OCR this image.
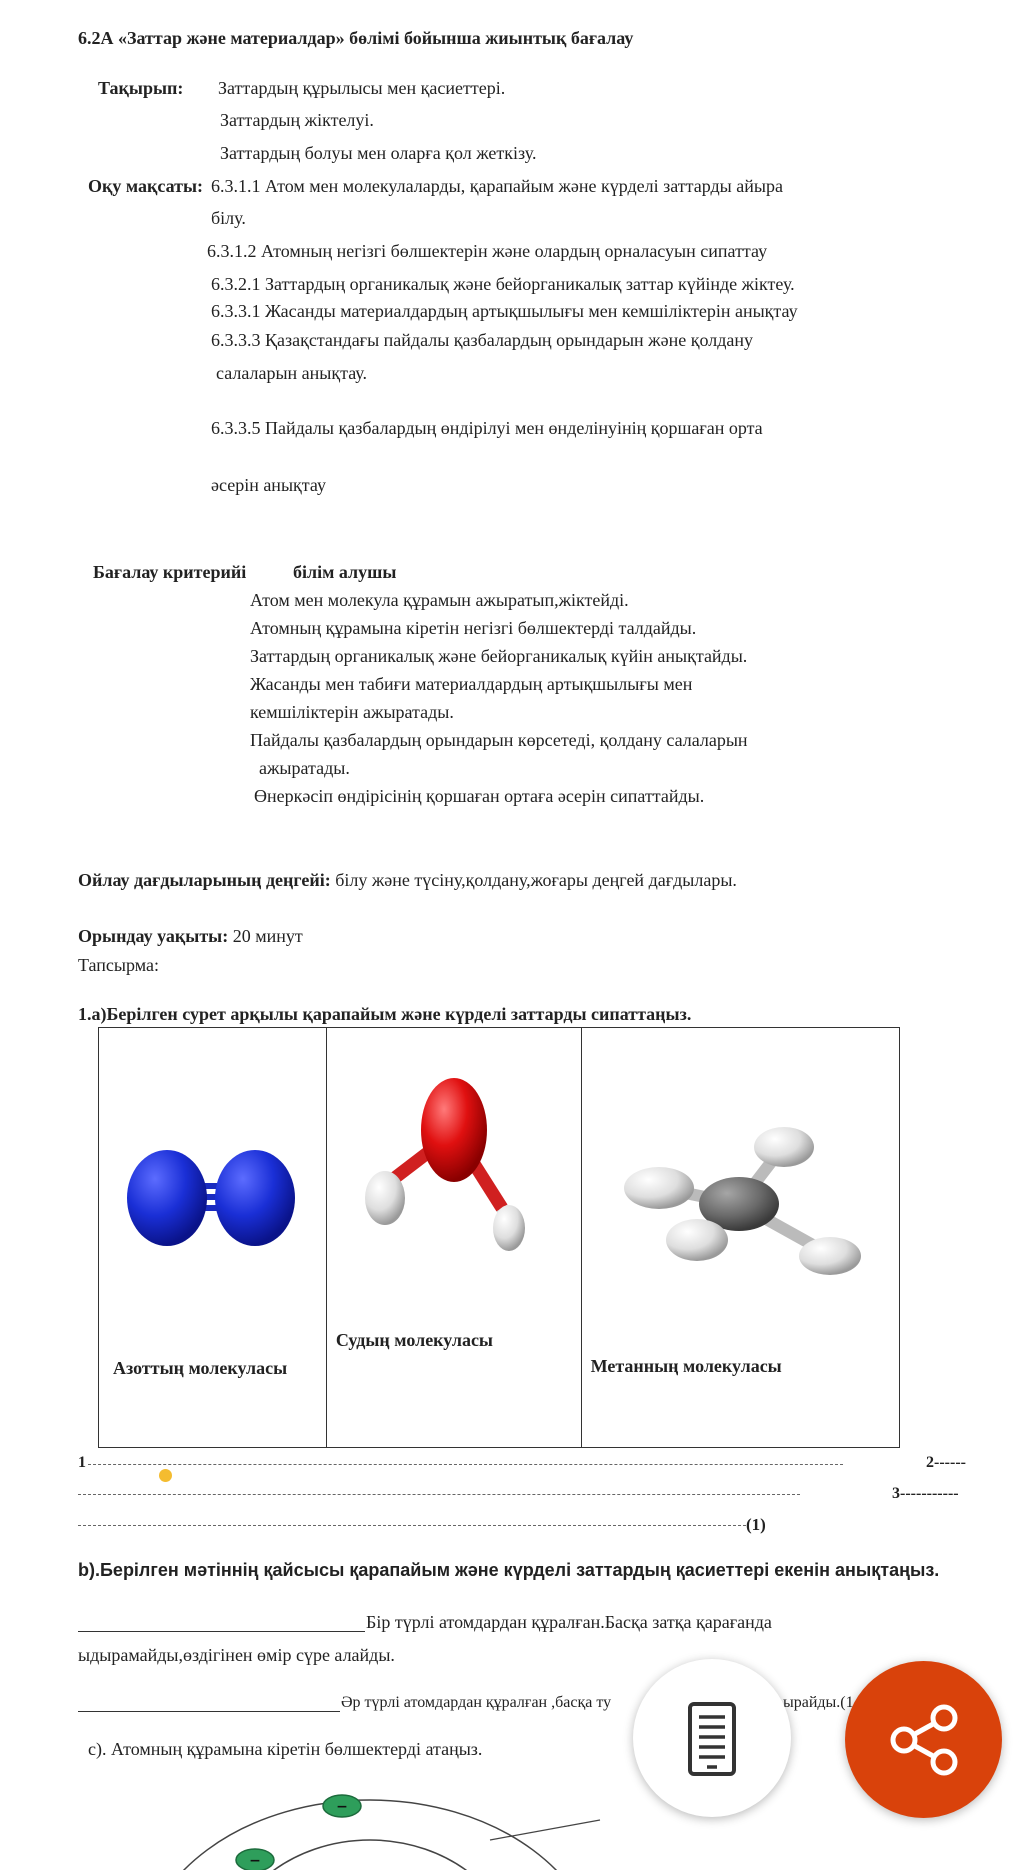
6.2А «Заттар және материалдар» бөлімі бойынша жиынтық бағалау
Тақырып: Заттардың құрылысы мен қасиеттері.
Заттардың жіктелуі.
Заттардың болуы мен оларға қол жеткізу.
Оқу мақсаты: 6.3.1.1 Атом мен молекулаларды, қарапайым және күрделі заттарды айыра
білу.
6.3.1.2 Атомның негізгі бөлшектерін және олардың орналасуын сипаттау
6.3.2.1 Заттардың органикалық және бейорганикалық заттар күйінде жіктеу.
6.3.3.1 Жасанды материалдардың артықшылығы мен кемшіліктерін анықтау
6.3.3.3 Қазақстандағы пайдалы қазбалардың орындарын және қолдану
салаларын анықтау.
6.3.3.5 Пайдалы қазбалардың өндірілуі мен өнделінуінің қоршаған орта
әсерін анықтау
Бағалау критерийі	білім алушы
Атом мен молекула құрамын ажыратып,жіктейді.
Атомның құрамына кіретін негізгі бөлшектерді талдайды.
Заттардың органикалық және бейорганикалық күйін анықтайды.
Жасанды мен табиғи материалдардың артықшылығы мен
кемшіліктерін ажыратады.
Пайдалы қазбалардың орындарын көрсетеді, қолдану салаларын
ажыратады.
Өнеркәсіп өндірісінің қоршаған ортаға әсерін сипаттайды.
Ойлау дағдыларының деңгейі: білу және түсіну,қолдану,жоғары деңгей дағдылары.
Орындау уақыты: 20 минут
Тапсырма:
1.а)Берілген сурет арқылы қарапайым және күрделі заттарды сипаттаңыз.
Азоттың молекуласы

Судың молекуласы

Метанның молекуласы
1	2------
3-----------
(1)
b).Берілген мәтіннің қайсысы қарапайым және күрделі заттардың қасиеттері екенін анықтаңыз.
Бір түрлі атомдардан құралған.Басқа затқа қарағанда
ыдырамайды,өздігінен өмір сүре алайды.
Әр түрлі атомдардан құралған ,басқа ту	ырайды.(1
с). Атомның құрамына кіретін бөлшектерді атаңыз.
−
−
